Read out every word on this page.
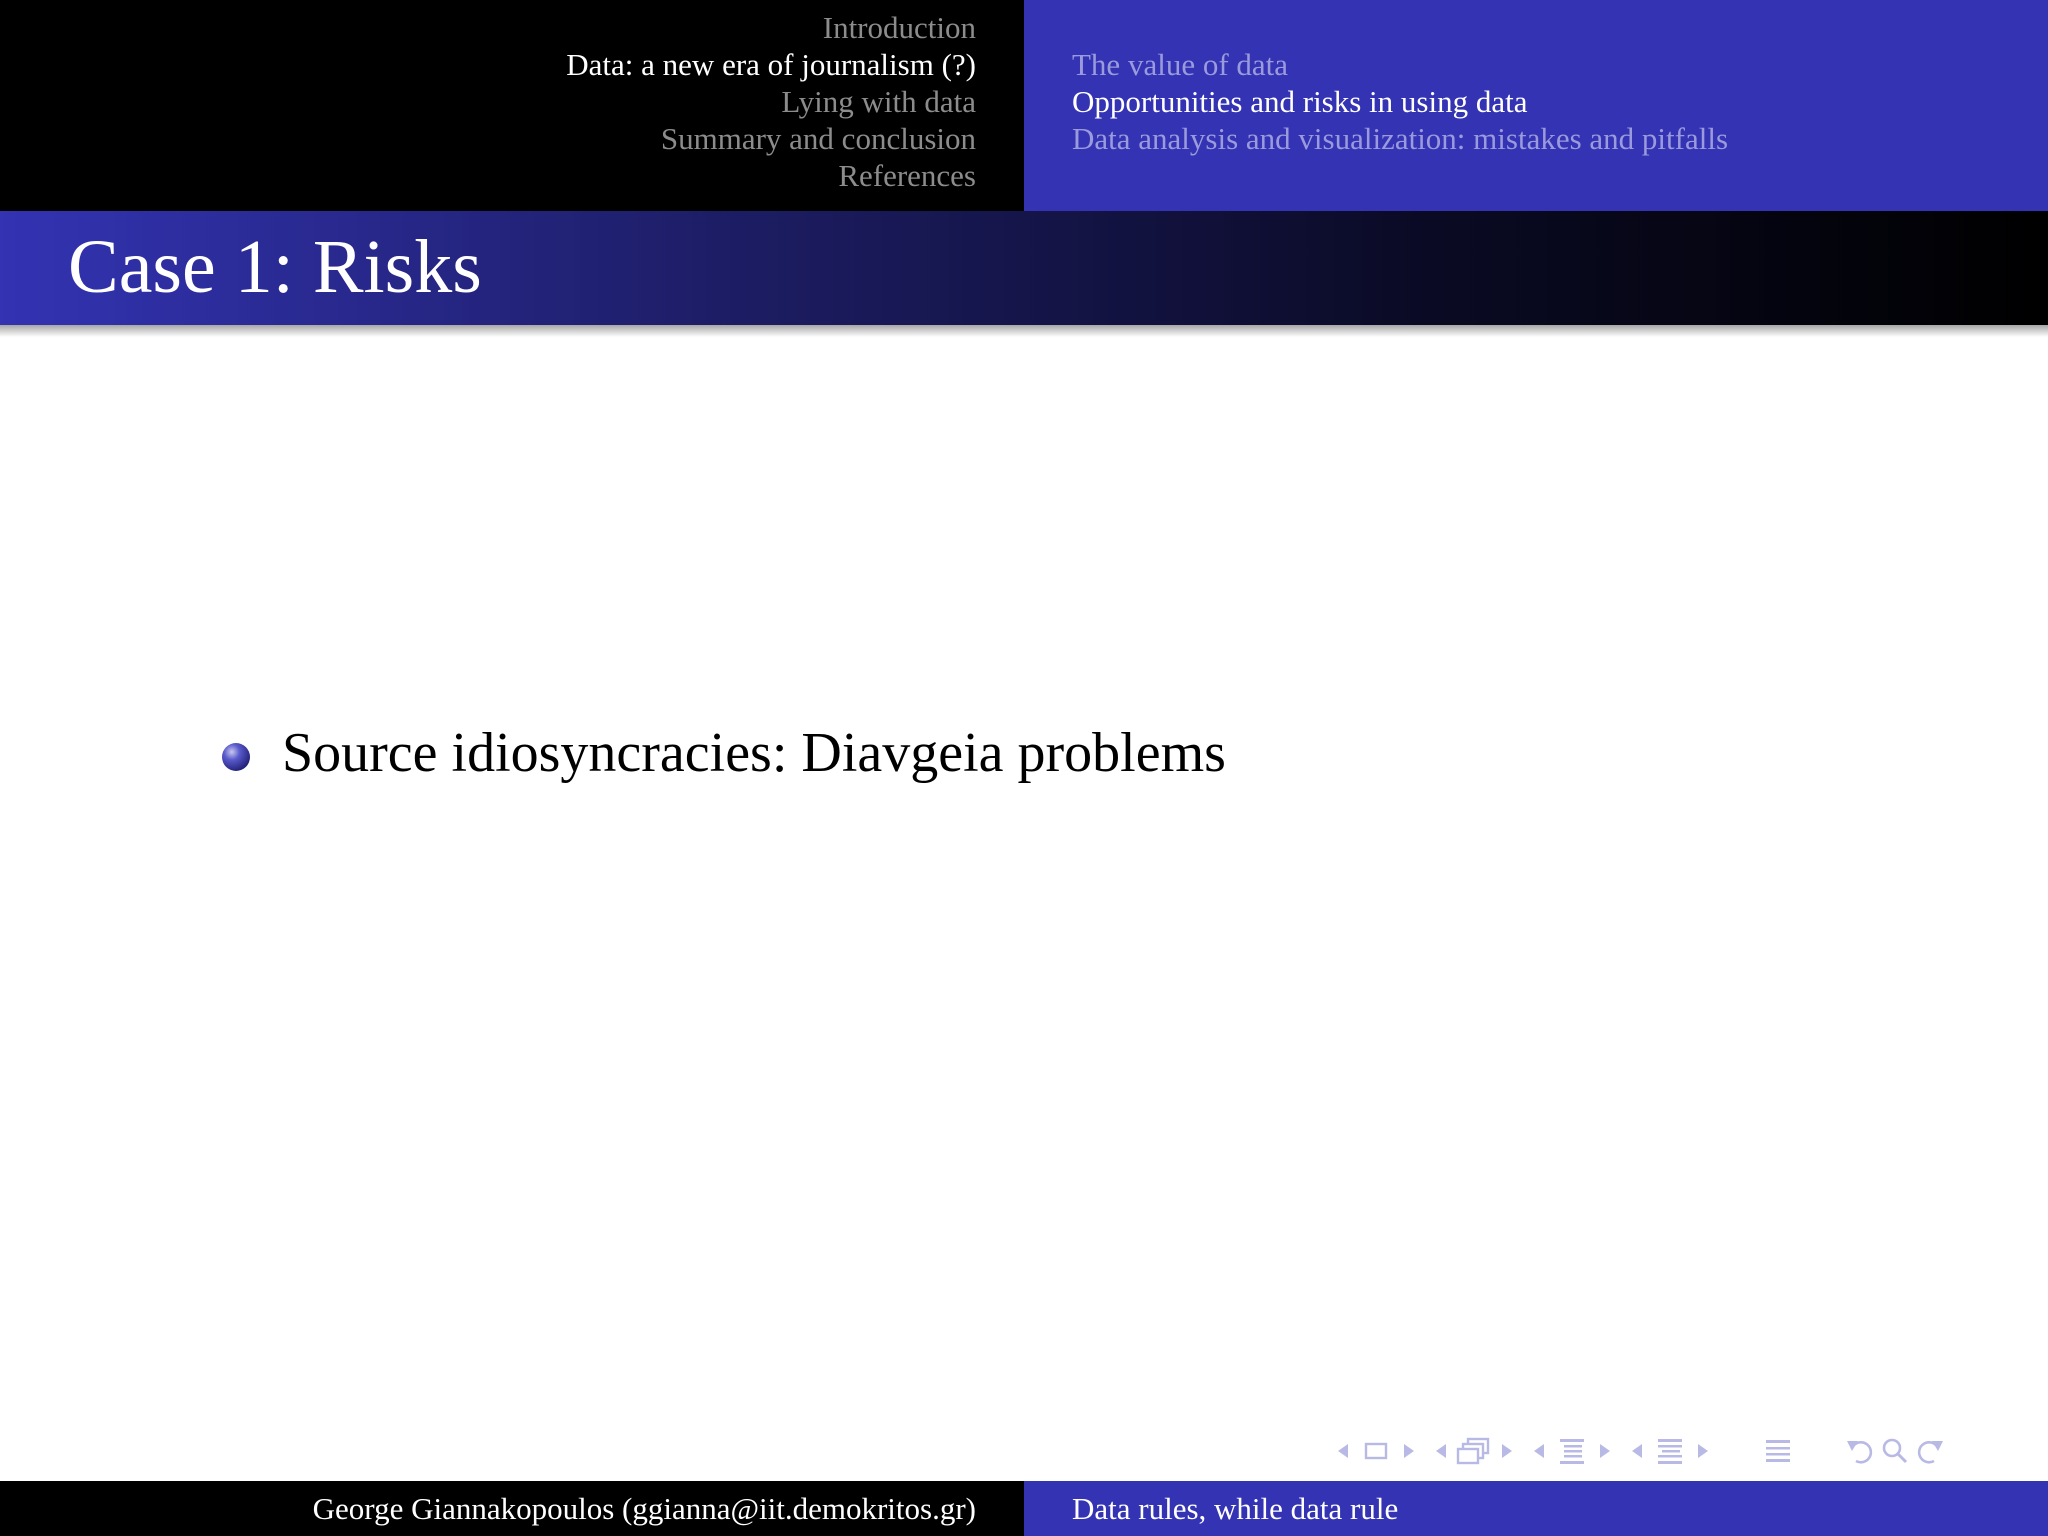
Introduction
Data: a new era of journalism (?)
Lying with data
Summary and conclusion
References
The value of data
Opportunities and risks in using data
Data analysis and visualization: mistakes and pitfalls
Case 1: Risks
Source idiosyncracies: Diavgeia problems
George Giannakopoulos (ggianna@iit.demokritos.gr)	Data rules, while data rule
